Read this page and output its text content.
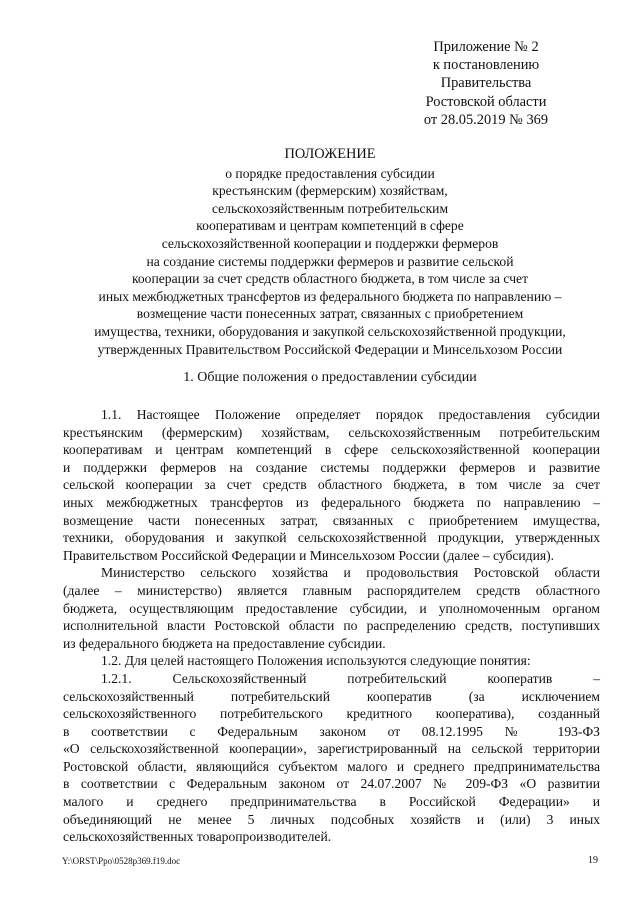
Приложение № 2
к постановлению
Правительства
Ростовской области
от 28.05.2019 № 369
ПОЛОЖЕНИЕ
о порядке предоставления субсидии
крестьянским (фермерским) хозяйствам,
сельскохозяйственным потребительским
кооперативам и центрам компетенций в сфере
сельскохозяйственной кооперации и поддержки фермеров
на создание системы поддержки фермеров и развитие сельской
кооперации за счет средств областного бюджета, в том числе за счет
иных межбюджетных трансфертов из федерального бюджета по направлению –
возмещение части понесенных затрат, связанных с приобретением
имущества, техники, оборудования и закупкой сельскохозяйственной продукции,
утвержденных Правительством Российской Федерации и Минсельхозом России
1. Общие положения о предоставлении субсидии
1.1. Настоящее Положение определяет порядок предоставления субсидии
крестьянским (фермерским) хозяйствам, сельскохозяйственным потребительским
кооперативам и центрам компетенций в сфере сельскохозяйственной кооперации
и поддержки фермеров на создание системы поддержки фермеров и развитие
сельской кооперации за счет средств областного бюджета, в том числе за счет
иных межбюджетных трансфертов из федерального бюджета по направлению –
возмещение части понесенных затрат, связанных с приобретением имущества,
техники, оборудования и закупкой сельскохозяйственной продукции, утвержденных
Правительством Российской Федерации и Минсельхозом России (далее – субсидия).
Министерство сельского хозяйства и продовольствия Ростовской области
(далее – министерство) является главным распорядителем средств областного
бюджета, осуществляющим предоставление субсидии, и уполномоченным органом
исполнительной власти Ростовской области по распределению средств, поступивших
из федерального бюджета на предоставление субсидии.
1.2. Для целей настоящего Положения используются следующие понятия:
1.2.1. Сельскохозяйственный потребительский кооператив –
сельскохозяйственный потребительский кооператив (за исключением
сельскохозяйственного потребительского кредитного кооператива), созданный
в соответствии с Федеральным законом от 08.12.1995 № 193-ФЗ
«О сельскохозяйственной кооперации», зарегистрированный на сельской территории
Ростовской области, являющийся субъектом малого и среднего предпринимательства
в соответствии с Федеральным законом от 24.07.2007 № 209-ФЗ «О развитии
малого и среднего предпринимательства в Российской Федерации» и
объединяющий не менее 5 личных подсобных хозяйств и (или) 3 иных
сельскохозяйственных товаропроизводителей.
Y:\ORST\Ppo\0528p369.f19.doc	19
